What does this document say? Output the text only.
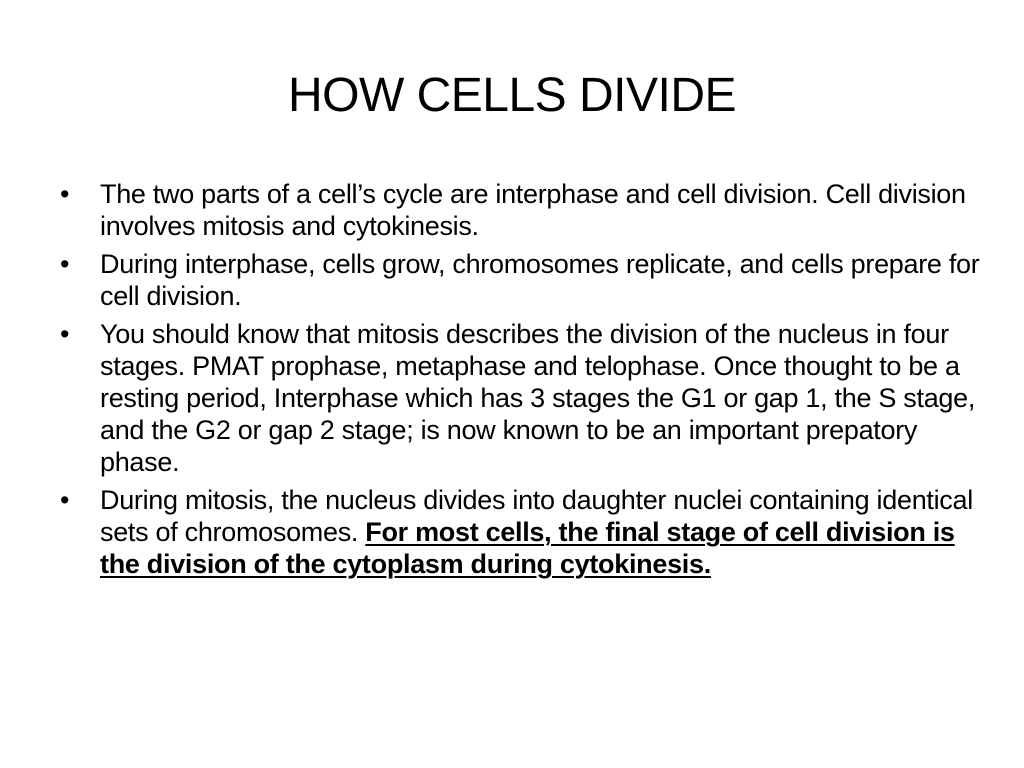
HOW CELLS DIVIDE
• The two parts of a cell’s cycle are interphase and cell division. Cell division involves mitosis and cytokinesis.
• During interphase, cells grow, chromosomes replicate, and cells prepare for cell division.
• You should know that mitosis describes the division of the nucleus in four stages. PMAT prophase, metaphase and telophase. Once thought to be a resting period, Interphase which has 3 stages the G1 or gap 1, the S stage, and the G2 or gap 2 stage; is now known to be an important prepatory phase.
• During mitosis, the nucleus divides into daughter nuclei containing identical sets of chromosomes. For most cells, the final stage of cell division is the division of the cytoplasm during cytokinesis.
